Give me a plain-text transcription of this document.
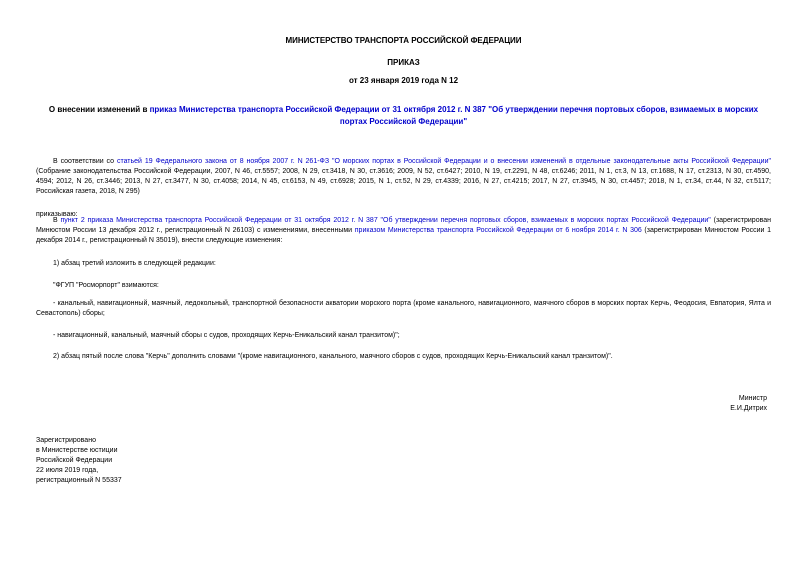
МИНИСТЕРСТВО ТРАНСПОРТА РОССИЙСКОЙ ФЕДЕРАЦИИ
ПРИКАЗ
от 23 января 2019 года N 12
О внесении изменений в приказ Министерства транспорта Российской Федерации от 31 октября 2012 г. N 387 "Об утверждении перечня портовых сборов, взимаемых в морских портах Российской Федерации"
В соответствии со статьей 19 Федерального закона от 8 ноября 2007 г. N 261-ФЗ "О морских портах в Российской Федерации и о внесении изменений в отдельные законодательные акты Российской Федерации" (Собрание законодательства Российской Федерации, 2007, N 46, ст.5557; 2008, N 29, ст.3418, N 30, ст.3616; 2009, N 52, ст.6427; 2010, N 19, ст.2291, N 48, ст.6246; 2011, N 1, ст.3, N 13, ст.1688, N 17, ст.2313, N 30, ст.4590, 4594; 2012, N 26, ст.3446; 2013, N 27, ст.3477, N 30, ст.4058; 2014, N 45, ст.6153, N 49, ст.6928; 2015, N 1, ст.52, N 29, ст.4339; 2016, N 27, ст.4215; 2017, N 27, ст.3945, N 30, ст.4457; 2018, N 1, ст.34, ст.44, N 32, ст.5117; Российская газета, 2018, N 295)
приказываю:
В пункт 2 приказа Министерства транспорта Российской Федерации от 31 октября 2012 г. N 387 "Об утверждении перечня портовых сборов, взимаемых в морских портах Российской Федерации" (зарегистрирован Минюстом России 13 декабря 2012 г., регистрационный N 26103) с изменениями, внесенными приказом Министерства транспорта Российской Федерации от 6 ноября 2014 г. N 306 (зарегистрирован Минюстом России 1 декабря 2014 г., регистрационный N 35019), внести следующие изменения:
1) абзац третий изложить в следующей редакции:
"ФГУП "Росморпорт" взимаются:
- канальный, навигационный, маячный, ледокольный, транспортной безопасности акватории морского порта (кроме канального, навигационного, маячного сборов в морских портах Керчь, Феодосия, Евпатория, Ялта и Севастополь) сборы;
- навигационный, канальный, маячный сборы с судов, проходящих Керчь-Еникальский канал транзитом)";
2) абзац пятый после слова "Керчь" дополнить словами "(кроме навигационного, канального, маячного сборов с судов, проходящих Керчь-Еникальский канал транзитом)".
Министр
Е.И.Дитрих
Зарегистрировано
в Министерстве юстиции
Российской Федерации
22 июля 2019 года,
регистрационный N 55337
